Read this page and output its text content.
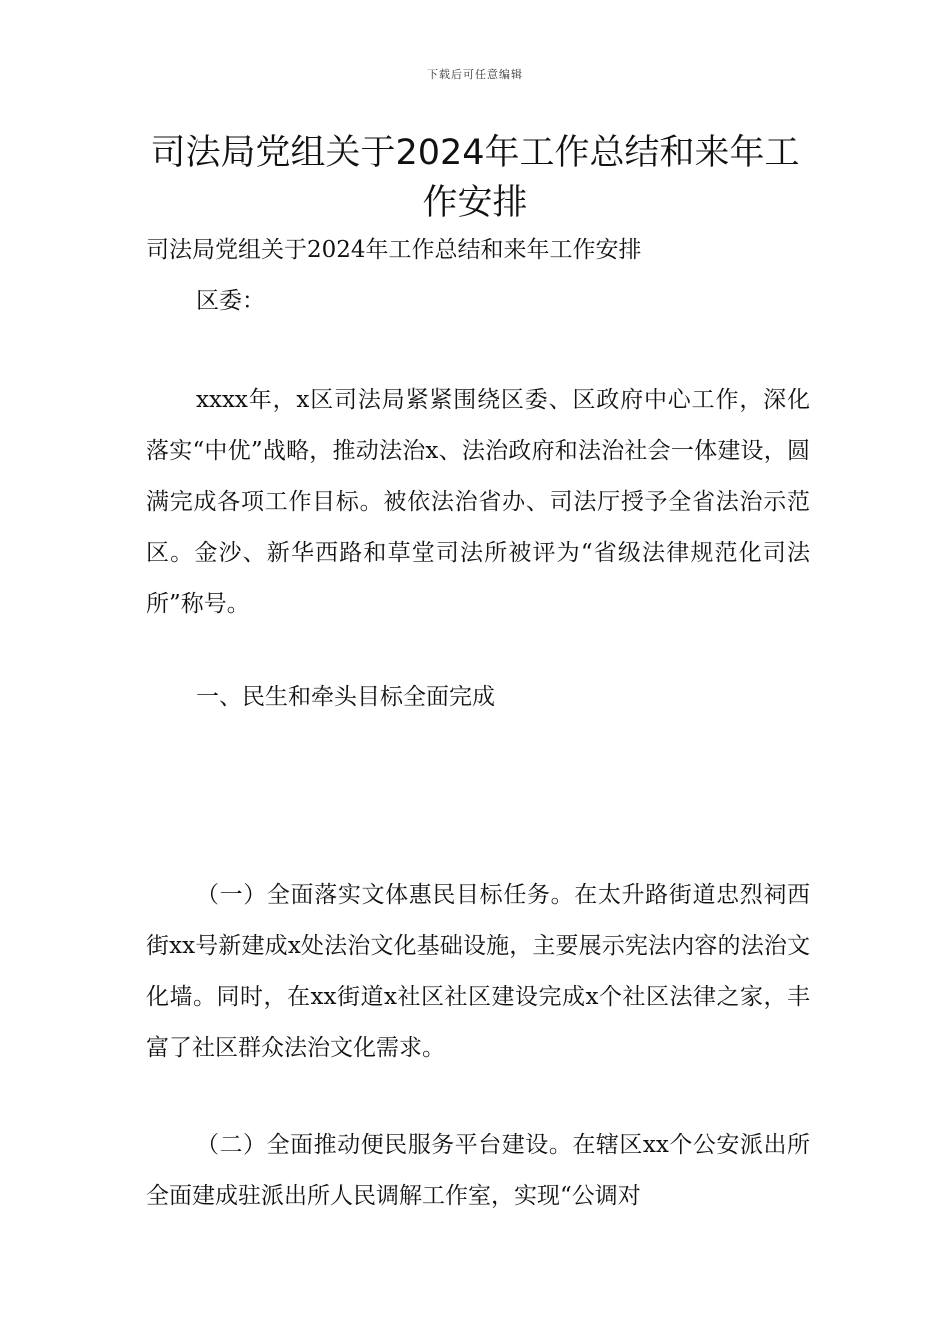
下载后可任意编辑
司法局党组关于2024年工作总结和来年工作安排
司法局党组关于2024年工作总结和来年工作安排
区委：

xxxx年，x区司法局紧紧围绕区委、区政府中心工作，深化落实“中优”战略，推动法治x、法治政府和法治社会一体建设，圆满完成各项工作目标。被依法治省办、司法厅授予全省法治示范区。金沙、新华西路和草堂司法所被评为“省级法律规范化司法所”称号。

一、民生和牵头目标全面完成

（一）全面落实文体惠民目标任务。在太升路街道忠烈祠西街xx号新建成x处法治文化基础设施，主要展示宪法内容的法治文化墙。同时，在xx街道x社区社区建设完成x个社区法律之家，丰富了社区群众法治文化需求。

（二）全面推动便民服务平台建设。在辖区xx个公安派出所全面建成驻派出所人民调解工作室，实现“公调对
